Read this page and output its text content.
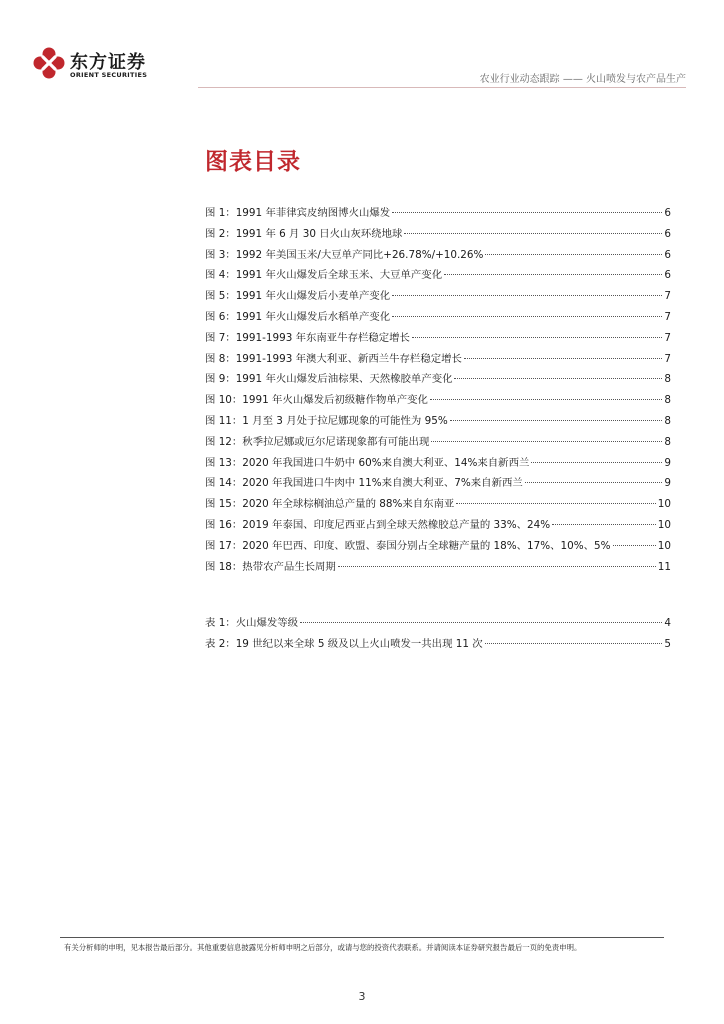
东方证券
ORIENT SECURITIES	农业行业动态跟踪 —— 火山喷发与农产品生产
图表目录
图 1：1991 年菲律宾皮纳图博火山爆发	6
图 2：1991 年 6 月 30 日火山灰环绕地球	6
图 3：1992 年美国玉米/大豆单产同比+26.78%/+10.26%	6
图 4：1991 年火山爆发后全球玉米、大豆单产变化	6
图 5：1991 年火山爆发后小麦单产变化	7
图 6：1991 年火山爆发后水稻单产变化	7
图 7：1991-1993 年东南亚牛存栏稳定增长	7
图 8：1991-1993 年澳大利亚、新西兰牛存栏稳定增长	7
图 9：1991 年火山爆发后油棕果、天然橡胶单产变化	8
图 10：1991 年火山爆发后初级糖作物单产变化	8
图 11：1 月至 3 月处于拉尼娜现象的可能性为 95%	8
图 12：秋季拉尼娜或厄尔尼诺现象都有可能出现	8
图 13：2020 年我国进口牛奶中 60%来自澳大利亚、14%来自新西兰	9
图 14：2020 年我国进口牛肉中 11%来自澳大利亚、7%来自新西兰	9
图 15：2020 年全球棕榈油总产量的 88%来自东南亚	10
图 16：2019 年泰国、印度尼西亚占到全球天然橡胶总产量的 33%、24%	10
图 17：2020 年巴西、印度、欧盟、泰国分别占全球糖产量的 18%、17%、10%、5%	10
图 18：热带农产品生长周期	11
表 1：火山爆发等级	4
表 2：19 世纪以来全球 5 级及以上火山喷发一共出现 11 次	5
有关分析师的申明，见本报告最后部分。其他重要信息披露见分析师申明之后部分，或请与您的投资代表联系。并请阅读本证券研究报告最后一页的免责申明。
3
